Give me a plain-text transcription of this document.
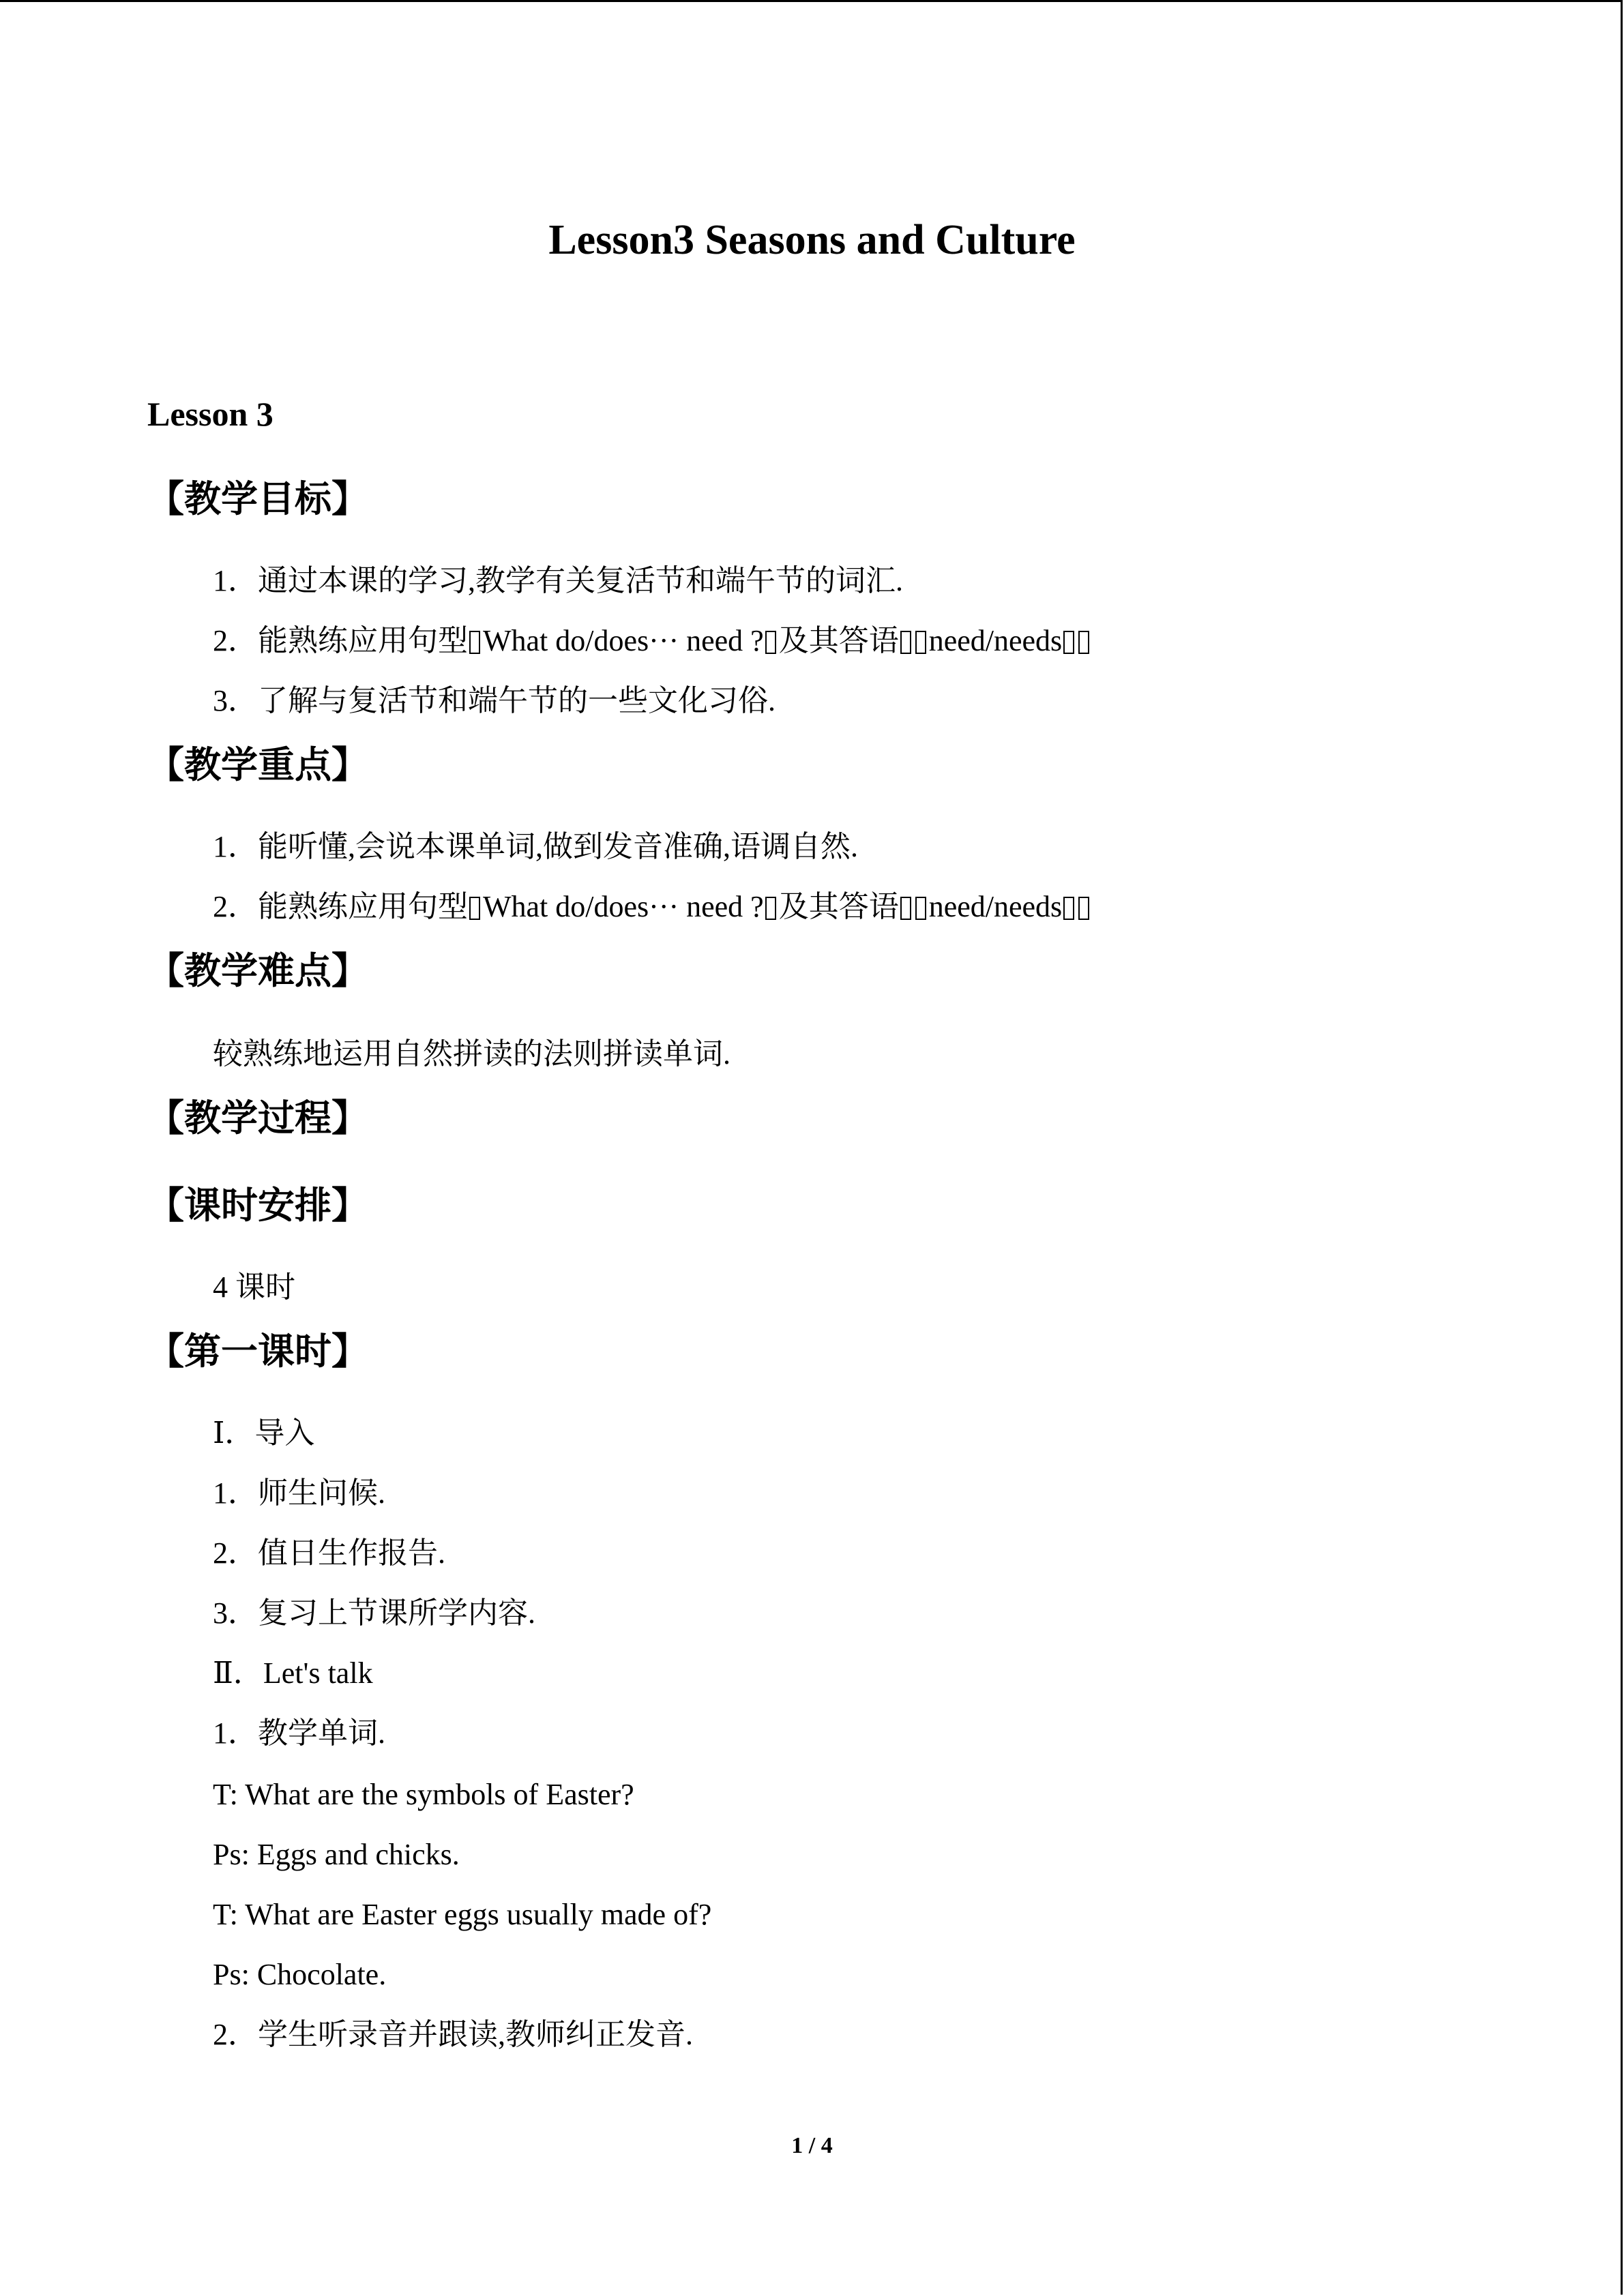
Lesson3 Seasons and Culture
Lesson 3
【教学目标】
1．通过本课的学习,教学有关复活节和端午节的词汇.
2．能熟练应用句型 What do/does··· need ? 及其答语 need/needs
3．了解与复活节和端午节的一些文化习俗.
【教学重点】
1．能听懂,会说本课单词,做到发音准确,语调自然.
2．能熟练应用句型 What do/does··· need ? 及其答语 need/needs
【教学难点】
较熟练地运用自然拼读的法则拼读单词.
【教学过程】
【课时安排】
4 课时
【第一课时】
Ⅰ．导入
1．师生问候.
2．值日生作报告.
3．复习上节课所学内容.
Ⅱ．Let's talk
1．教学单词.
T: What are the symbols of Easter?
Ps: Eggs and chicks.
T: What are Easter eggs usually made of?
Ps: Chocolate.
2．学生听录音并跟读,教师纠正发音.
1 / 4
